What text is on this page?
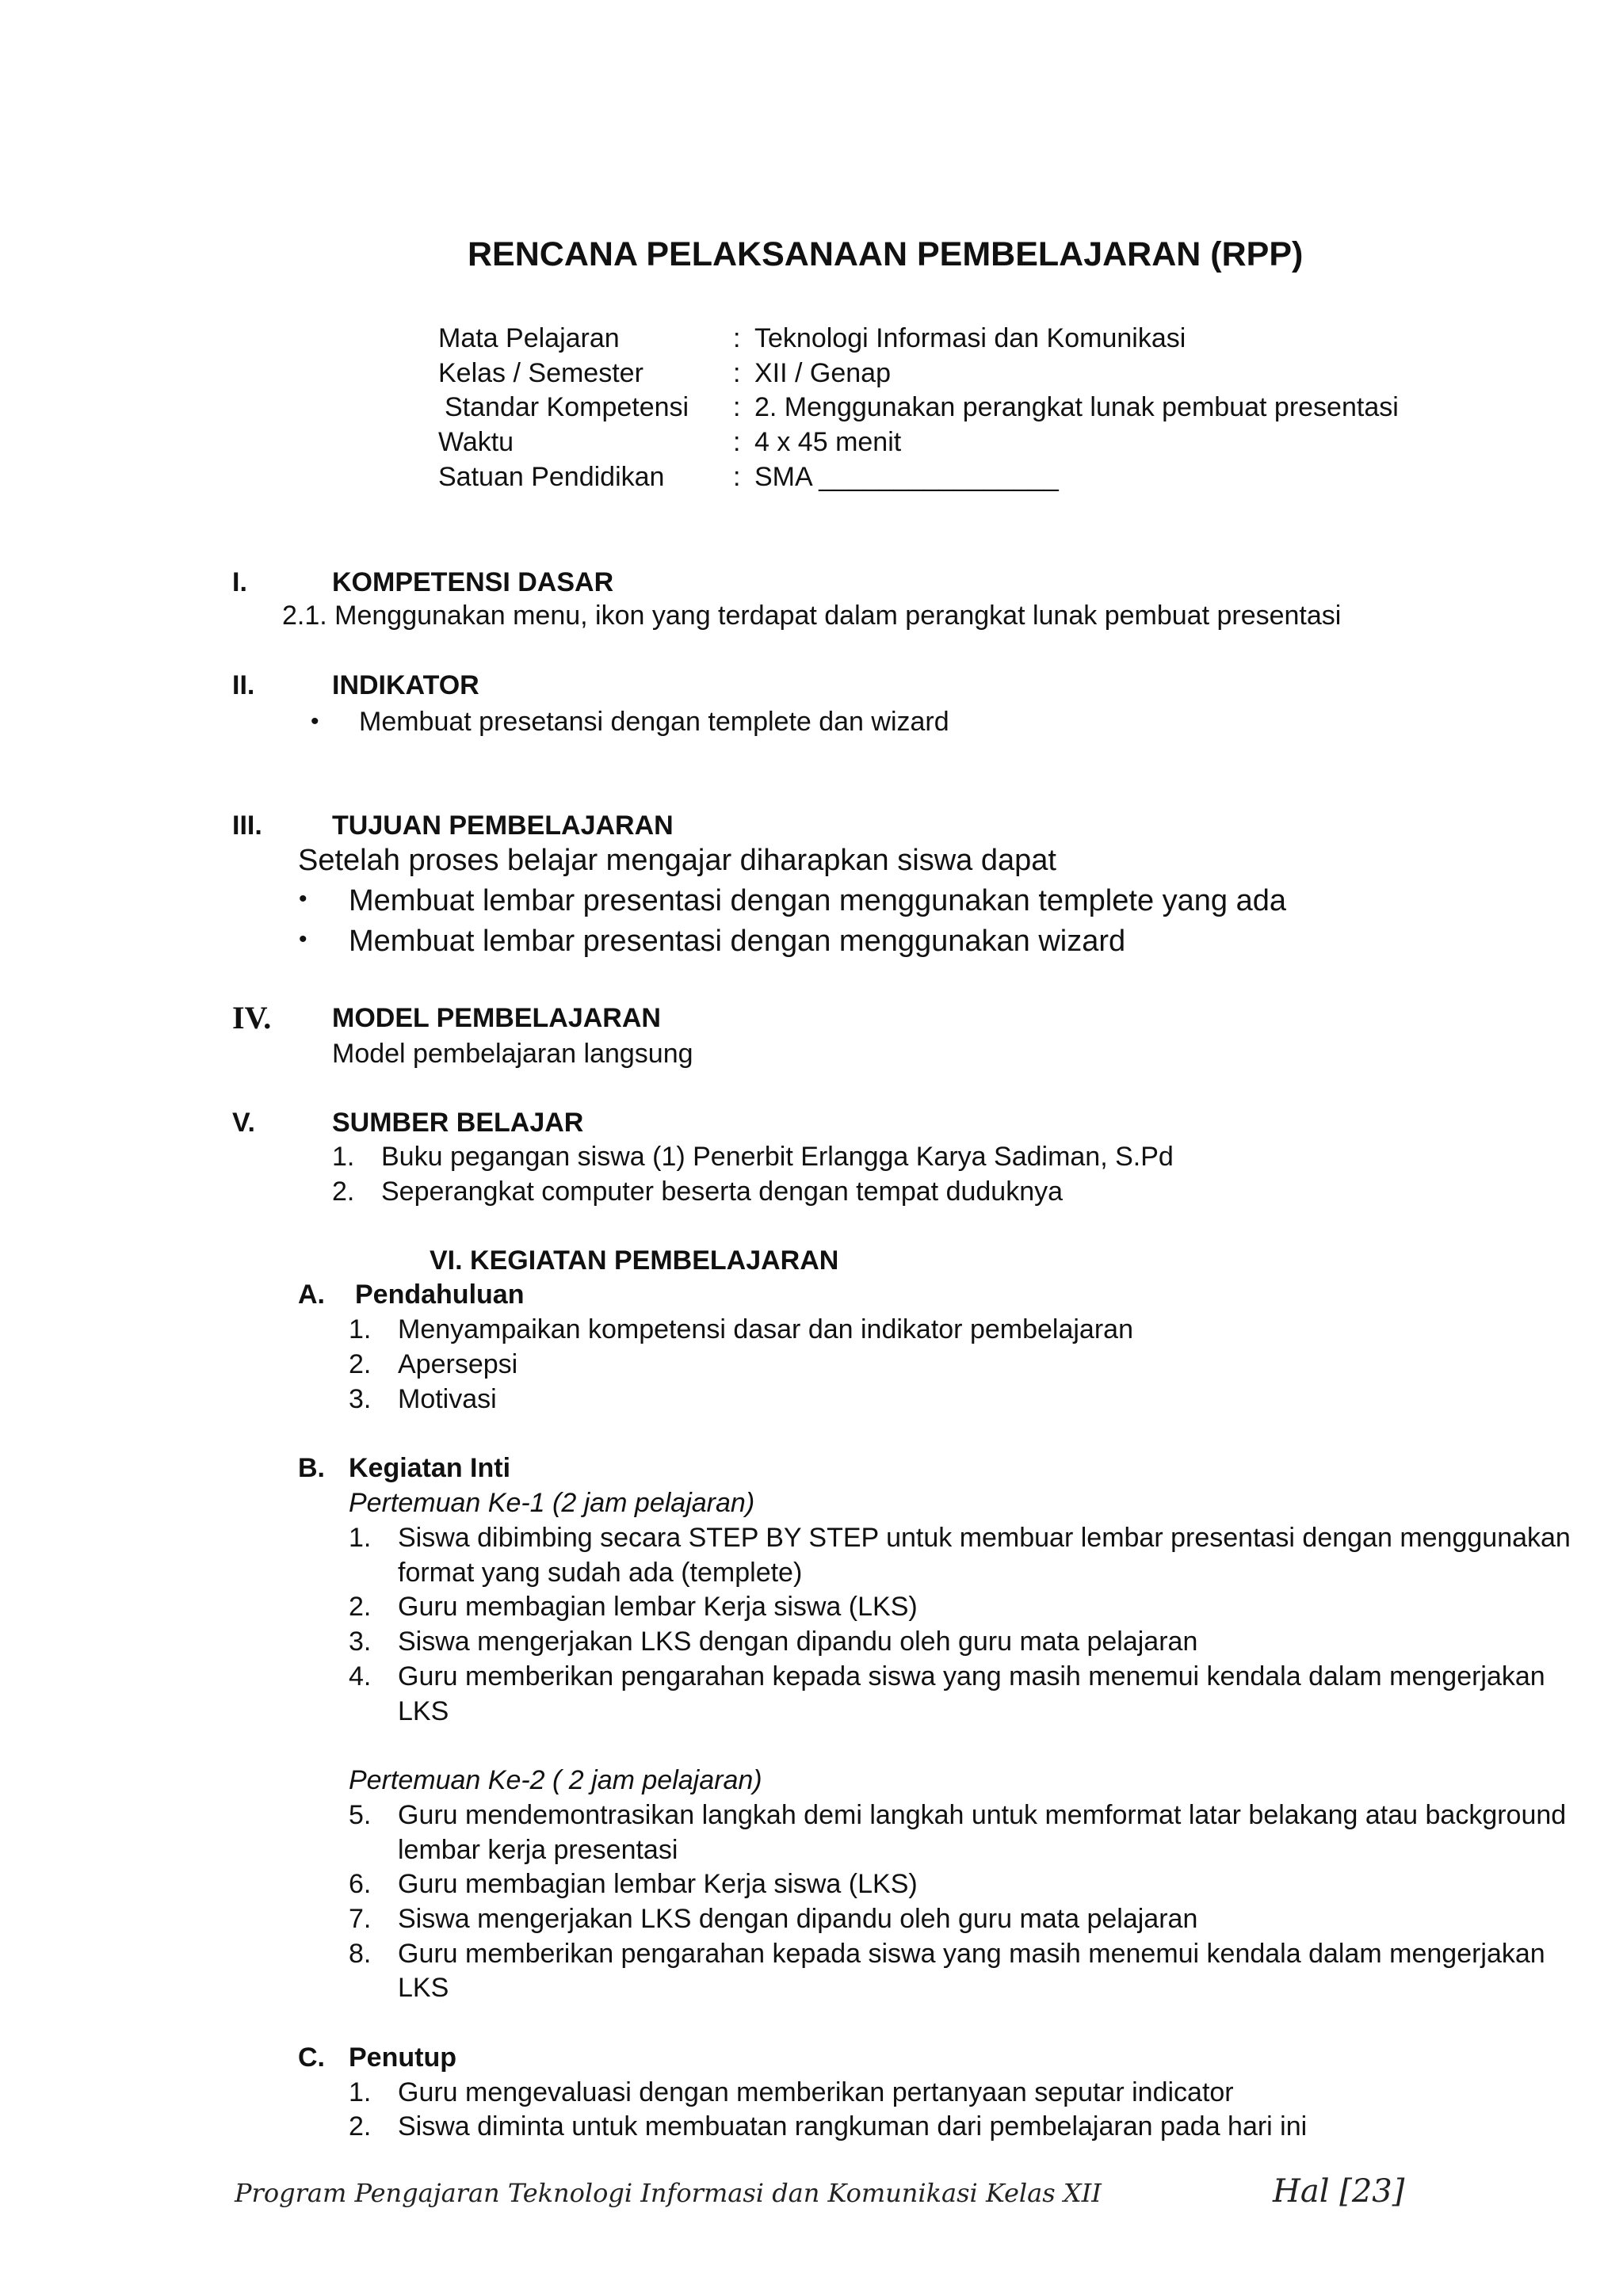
RENCANA PELAKSANAAN PEMBELAJARAN (RPP)
Mata Pelajaran	: Teknologi Informasi dan Komunikasi
Kelas / Semester	: XII / Genap
Standar Kompetensi : 2. Menggunakan perangkat lunak pembuat presentasi
Waktu	: 4 x 45 menit
Satuan Pendidikan	: SMA ________________
I.	KOMPETENSI DASAR
2.1. Menggunakan menu, ikon yang terdapat dalam perangkat lunak pembuat presentasi
II.	INDIKATOR
• Membuat presetansi dengan templete dan wizard
III.	TUJUAN PEMBELAJARAN
Setelah proses belajar mengajar diharapkan siswa dapat
• Membuat lembar presentasi dengan menggunakan templete yang ada
• Membuat lembar presentasi dengan menggunakan wizard
IV. MODEL PEMBELAJARAN
Model pembelajaran langsung
V.	SUMBER BELAJAR
1. Buku pegangan siswa (1) Penerbit Erlangga Karya Sadiman, S.Pd
2. Seperangkat computer beserta dengan tempat duduknya
VI. KEGIATAN PEMBELAJARAN
A. Pendahuluan
1. Menyampaikan kompetensi dasar dan indikator pembelajaran
2. Apersepsi
3. Motivasi
B. Kegiatan Inti
Pertemuan Ke-1 (2 jam pelajaran)
1. Siswa dibimbing secara STEP BY STEP untuk membuar lembar presentasi dengan menggunakan
format yang sudah ada (templete)
2. Guru membagian lembar Kerja siswa (LKS)
3. Siswa mengerjakan LKS dengan dipandu oleh guru mata pelajaran
4. Guru memberikan pengarahan kepada siswa yang masih menemui kendala dalam mengerjakan
LKS
Pertemuan Ke-2 ( 2 jam pelajaran)
5. Guru mendemontrasikan langkah demi langkah untuk memformat latar belakang atau background
lembar kerja presentasi
6. Guru membagian lembar Kerja siswa (LKS)
7. Siswa mengerjakan LKS dengan dipandu oleh guru mata pelajaran
8. Guru memberikan pengarahan kepada siswa yang masih menemui kendala dalam mengerjakan
LKS
C. Penutup
1. Guru mengevaluasi dengan memberikan pertanyaan seputar indicator
2. Siswa diminta untuk membuatan rangkuman dari pembelajaran pada hari ini
Program Pengajaran Teknologi Informasi dan Komunikasi Kelas XII	Hal [23]
